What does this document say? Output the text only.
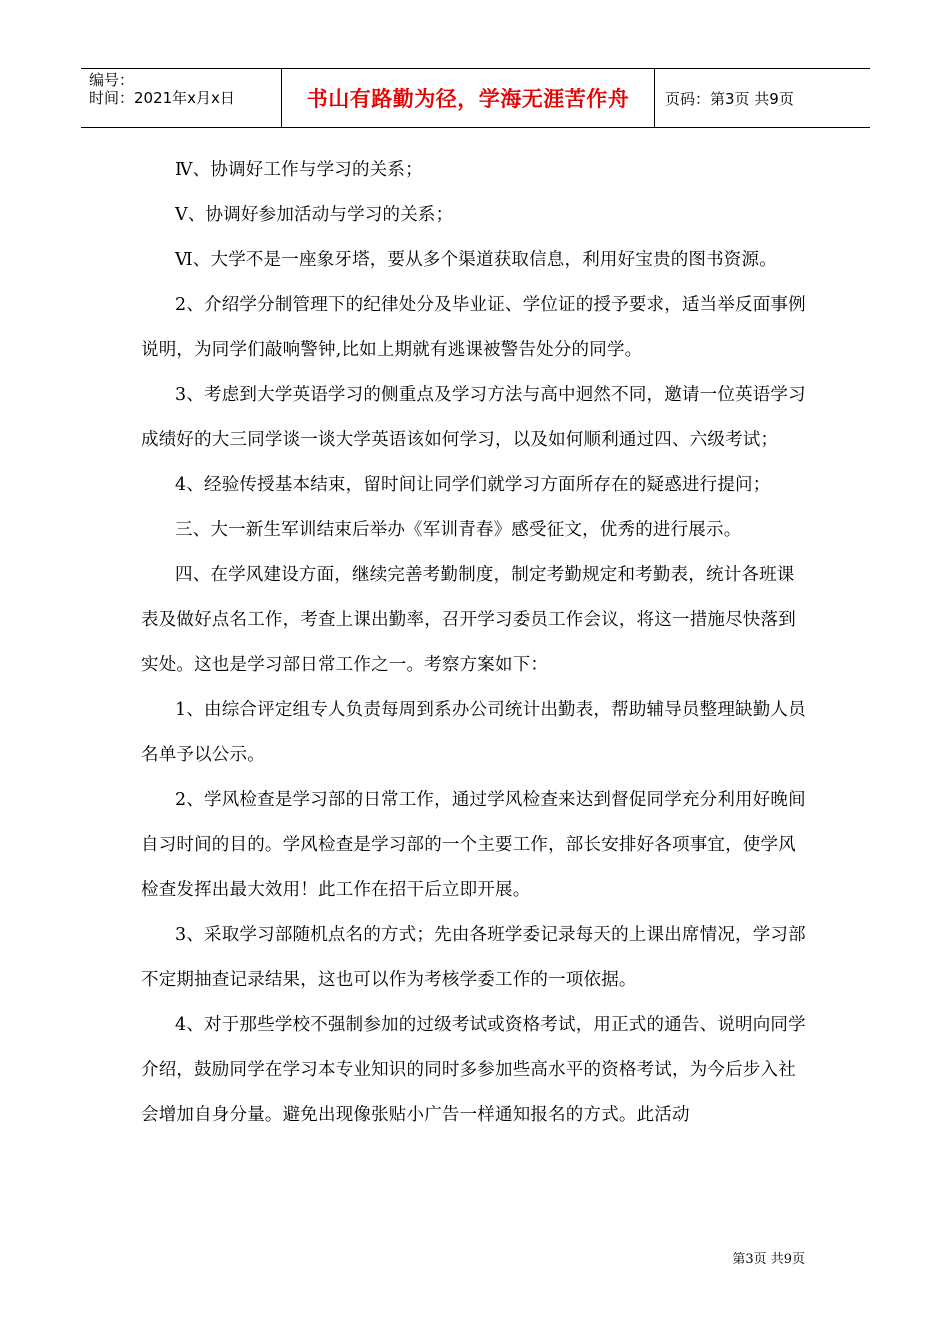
编号：
时间：2021年x月x日	书山有路勤为径，学海无涯苦作舟	页码：第3页 共9页

Ⅳ、协调好工作与学习的关系；

Ⅴ、协调好参加活动与学习的关系；

Ⅵ、大学不是一座象牙塔，要从多个渠道获取信息，利用好宝贵的图书资源。

2、介绍学分制管理下的纪律处分及毕业证、学位证的授予要求，适当举反面事例说明，为同学们敲响警钟,比如上期就有逃课被警告处分的同学。

3、考虑到大学英语学习的侧重点及学习方法与高中迥然不同，邀请一位英语学习成绩好的大三同学谈一谈大学英语该如何学习，以及如何顺利通过四、六级考试；

4、经验传授基本结束，留时间让同学们就学习方面所存在的疑惑进行提问；

三、大一新生军训结束后举办《军训青春》感受征文，优秀的进行展示。

四、在学风建设方面，继续完善考勤制度，制定考勤规定和考勤表，统计各班课表及做好点名工作，考查上课出勤率，召开学习委员工作会议，将这一措施尽快落到实处。这也是学习部日常工作之一。考察方案如下：

1、由综合评定组专人负责每周到系办公司统计出勤表，帮助辅导员整理缺勤人员名单予以公示。

2、学风检查是学习部的日常工作，通过学风检查来达到督促同学充分利用好晚间自习时间的目的。学风检查是学习部的一个主要工作，部长安排好各项事宜，使学风检查发挥出最大效用！此工作在招干后立即开展。

3、采取学习部随机点名的方式；先由各班学委记录每天的上课出席情况，学习部不定期抽查记录结果，这也可以作为考核学委工作的一项依据。

4、对于那些学校不强制参加的过级考试或资格考试，用正式的通告、说明向同学介绍，鼓励同学在学习本专业知识的同时多参加些高水平的资格考试，为今后步入社会增加自身分量。避免出现像张贴小广告一样通知报名的方式。此活动

第3页 共9页
